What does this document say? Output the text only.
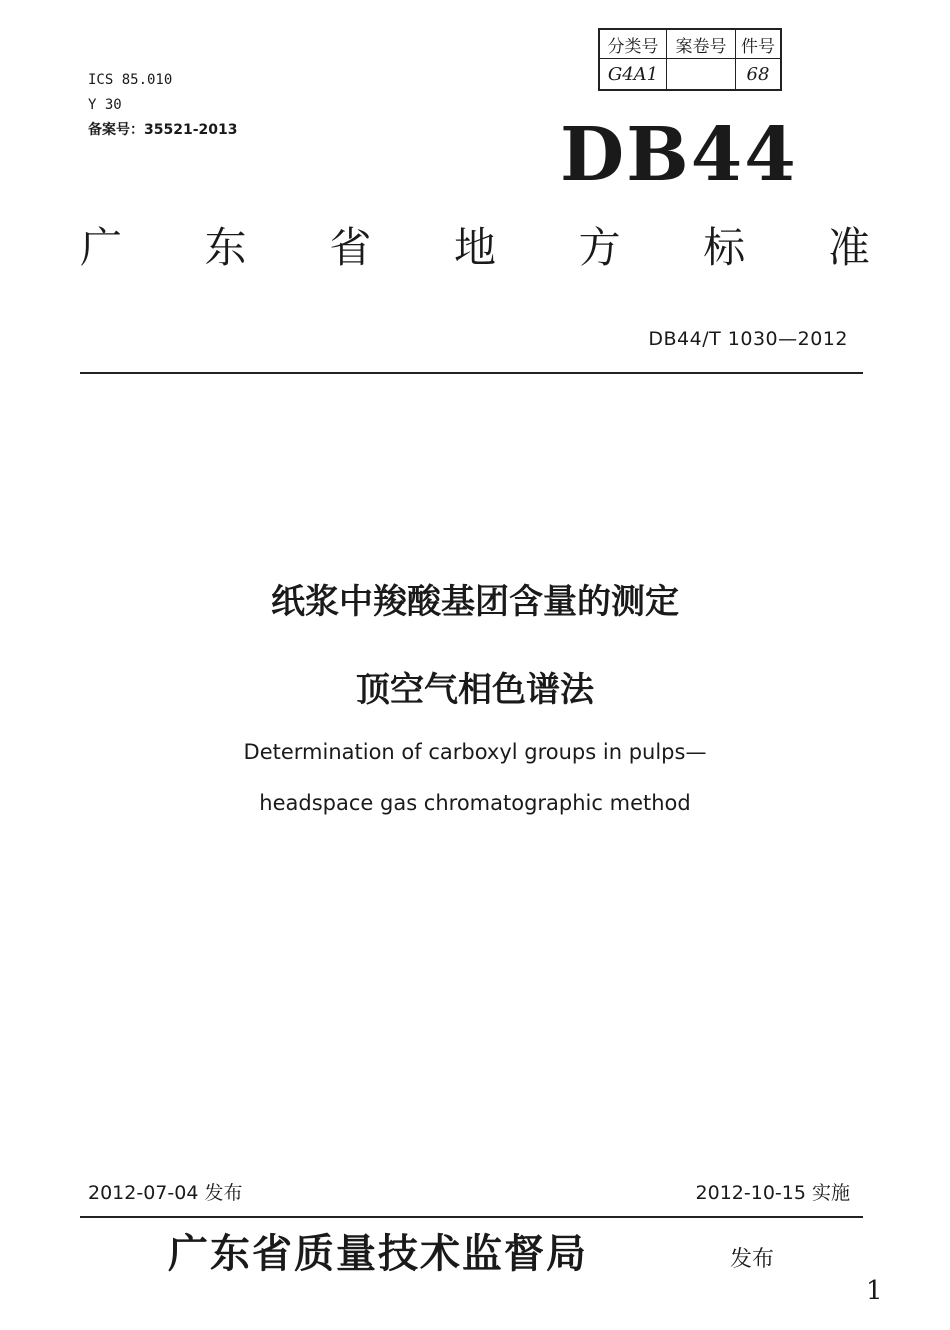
ICS 85.010
Y 30
备案号：35521-2013
分类号	案卷号	件号
G4A1		68
DB44
广 东 省 地 方 标 准
DB44/T 1030—2012
纸浆中羧酸基团含量的测定
顶空气相色谱法
Determination of carboxyl groups in pulps—
headspace gas chromatographic method
2012-07-04 发布	2012-10-15 实施
广东省质量技术监督局	发布
1
